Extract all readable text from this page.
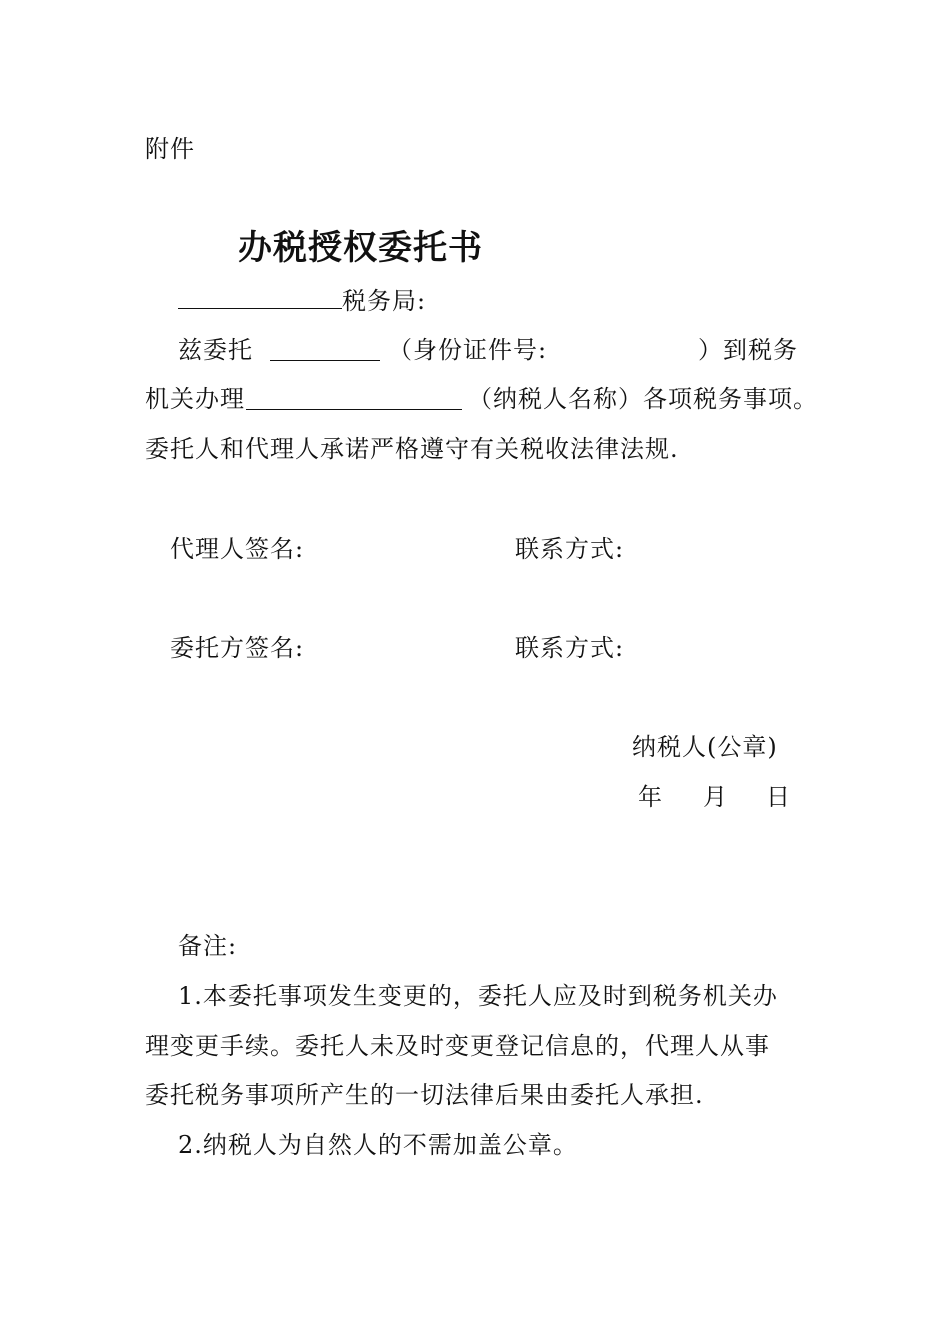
附件
办税授权委托书
税务局:
兹委托	（身份证件号:	）到税务
机关办理	（纳税人名称）各项税务事项。
委托人和代理人承诺严格遵守有关税收法律法规.
代理人签名:	联系方式:
委托方签名:	联系方式:
纳税人(公章)
年 月 日
备注:
1.本委托事项发生变更的，委托人应及时到税务机关办
理变更手续。委托人未及时变更登记信息的，代理人从事
委托税务事项所产生的一切法律后果由委托人承担.
2.纳税人为自然人的不需加盖公章。
